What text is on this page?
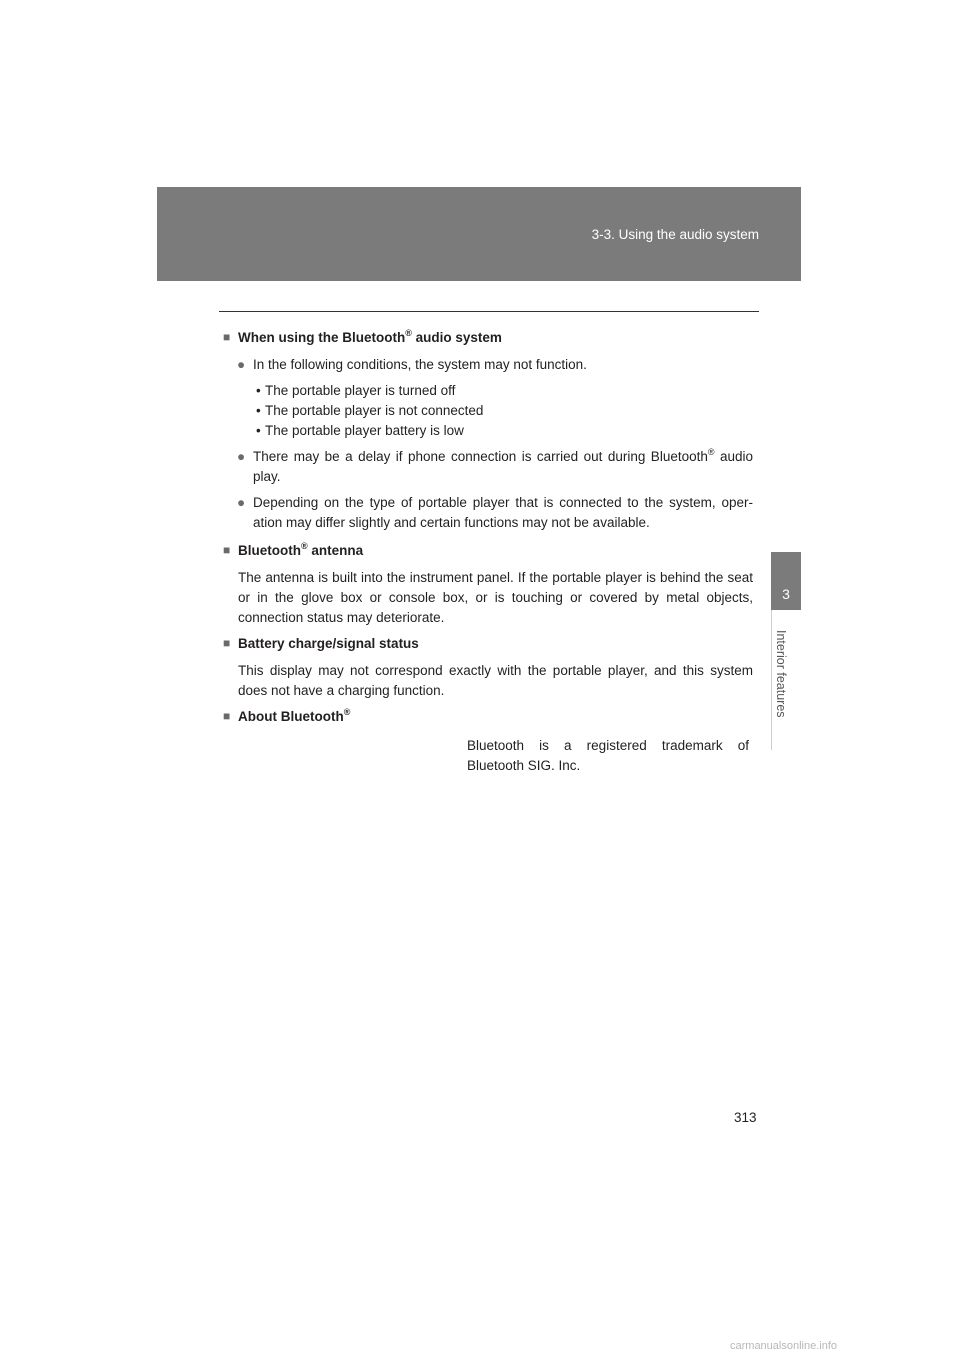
3-3. Using the audio system
3
Interior features
■ When using the Bluetooth® audio system
● In the following conditions, the system may not function.
• The portable player is turned off
• The portable player is not connected
• The portable player battery is low
● There may be a delay if phone connection is carried out during Bluetooth® audio play.
● Depending on the type of portable player that is connected to the system, oper-ation may differ slightly and certain functions may not be available.
■ Bluetooth® antenna
The antenna is built into the instrument panel. If the portable player is behind the seat or in the glove box or console box, or is touching or covered by metal objects, connection status may deteriorate.
■ Battery charge/signal status
This display may not correspond exactly with the portable player, and this system does not have a charging function.
■ About Bluetooth®
Bluetooth is a registered trademark of Bluetooth SIG. Inc.
313
carmanualsonline.info
